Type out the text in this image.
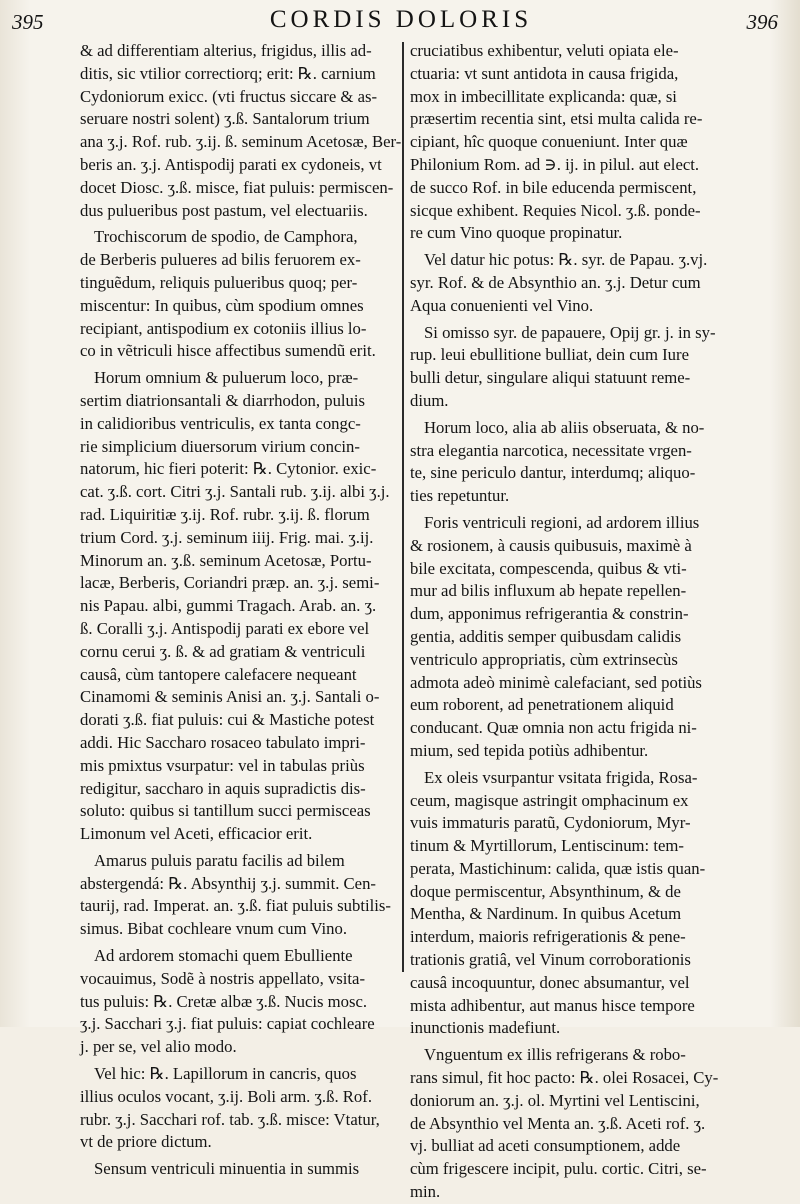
395	CORDIS DOLORIS	396
& ad differentiam alterius, frigidus, illis ad-
ditis, sic vtilior correctiorq; erit: ℞. carnium
Cydoniorum exicc. (vti fructus siccare & as-
seruare nostri solent) ʒ.ß. Santalorum trium
ana ʒ.j. Rof. rub. ʒ.ij. ß. seminum Acetosæ, Ber-
beris an. ʒ.j. Antispodij parati ex cydoneis, vt
docet Diosc. ʒ.ß. misce, fiat puluis: permiscen-
dus pulueribus post pastum, vel electuariis.
Trochiscorum de spodio, de Camphora,
de Berberis pulueres ad bilis feruorem ex-
tinguẽdum, reliquis pulueribus quoq; per-
miscentur: In quibus, cùm spodium omnes
recipiant, antispodium ex cotoniis illius lo-
co in vẽtriculi hisce affectibus sumendũ erit.
Horum omnium & puluerum loco, præ-
sertim diatrionsantali & diarrhodon, puluis
in calidioribus ventriculis, ex tanta congc-
rie simplicium diuersorum virium concin-
natorum, hic fieri poterit: ℞. Cytonior. exic-
cat. ʒ.ß. cort. Citri ʒ.j. Santali rub. ʒ.ij. albi ʒ.j.
rad. Liquiritiæ ʒ.ij. Rof. rubr. ʒ.ij. ß. florum
trium Cord. ʒ.j. seminum iiij. Frig. mai. ʒ.ij.
Minorum an. ʒ.ß. seminum Acetosæ, Portu-
lacæ, Berberis, Coriandri præp. an. ʒ.j. semi-
nis Papau. albi, gummi Tragach. Arab. an. ʒ.
ß. Coralli ʒ.j. Antispodij parati ex ebore vel
cornu cerui ʒ. ß. & ad gratiam & ventriculi
causâ, cùm tantopere calefacere nequeant
Cinamomi & seminis Anisi an. ʒ.j. Santali o-
dorati ʒ.ß. fiat puluis: cui & Mastiche potest
addi. Hic Saccharo rosaceo tabulato impri-
mis pmixtus vsurpatur: vel in tabulas priùs
redigitur, saccharo in aquis supradictis dis-
soluto: quibus si tantillum succi permisceas
Limonum vel Aceti, efficacior erit.
Amarus puluis paratu facilis ad bilem
abstergendá: ℞. Absynthij ʒ.j. summit. Cen-
taurij, rad. Imperat. an. ʒ.ß. fiat puluis subtilis-
simus. Bibat cochleare vnum cum Vino.
Ad ardorem stomachi quem Ebulliente
vocauimus, Sodẽ à nostris appellato, vsita-
tus puluis: ℞. Cretæ albæ ʒ.ß. Nucis mosc.
ʒ.j. Sacchari ʒ.j. fiat puluis: capiat cochleare
j. per se, vel alio modo.
Vel hic: ℞. Lapillorum in cancris, quos
illius oculos vocant, ʒ.ij. Boli arm. ʒ.ß. Rof.
rubr. ʒ.j. Sacchari rof. tab. ʒ.ß. misce: Vtatur,
vt de priore dictum.
Sensum ventriculi minuentia in summis
cruciatibus exhibentur, veluti opiata ele-
ctuaria: vt sunt antidota in causa frigida,
mox in imbecillitate explicanda: quæ, si
præsertim recentia sint, etsi multa calida re-
cipiant, hîc quoque conueniunt. Inter quæ
Philonium Rom. ad ∋. ij. in pilul. aut elect.
de succo Rof. in bile educenda permiscent,
sicque exhibent. Requies Nicol. ʒ.ß. ponde-
re cum Vino quoque propinatur.
Vel datur hic potus: ℞. syr. de Papau. ʒ.vj.
syr. Rof. & de Absynthio an. ʒ.j. Detur cum
Aqua conuenienti vel Vino.
Si omisso syr. de papauere, Opij gr. j. in sy-
rup. leui ebullitione bulliat, dein cum Iure
bulli detur, singulare aliqui statuunt reme-
dium.
Horum loco, alia ab aliis obseruata, & no-
stra elegantia narcotica, necessitate vrgen-
te, sine periculo dantur, interdumq; aliquo-
ties repetuntur.
Foris ventriculi regioni, ad ardorem illius
& rosionem, à causis quibusuis, maximè à
bile excitata, compescenda, quibus & vti-
mur ad bilis influxum ab hepate repellen-
dum, apponimus refrigerantia & constrin-
gentia, additis semper quibusdam calidis
ventriculo appropriatis, cùm extrinsecùs
admota adeò minimè calefaciant, sed potiùs
eum roborent, ad penetrationem aliquid
conducant. Quæ omnia non actu frigida ni-
mium, sed tepida potiùs adhibentur.
Ex oleis vsurpantur vsitata frigida, Rosa-
ceum, magisque astringit omphacinum ex
vuis immaturis paratũ, Cydoniorum, Myr-
tinum & Myrtillorum, Lentiscinum: tem-
perata, Mastichinum: calida, quæ istis quan-
doque permiscentur, Absynthinum, & de
Mentha, & Nardinum. In quibus Acetum
interdum, maioris refrigerationis & pene-
trationis gratiâ, vel Vinum corroborationis
causâ incoquuntur, donec absumantur, vel
mista adhibentur, aut manus hisce tempore
inunctionis madefiunt.
Vnguentum ex illis refrigerans & robo-
rans simul, fit hoc pacto: ℞. olei Rosacei, Cy-
doniorum an. ʒ.j. ol. Myrtini vel Lentiscini,
de Absynthio vel Menta an. ʒ.ß. Aceti rof. ʒ.
vj. bulliat ad aceti consumptionem, adde
cùm frigescere incipit, pulu. cortic. Citri, se-
min.
